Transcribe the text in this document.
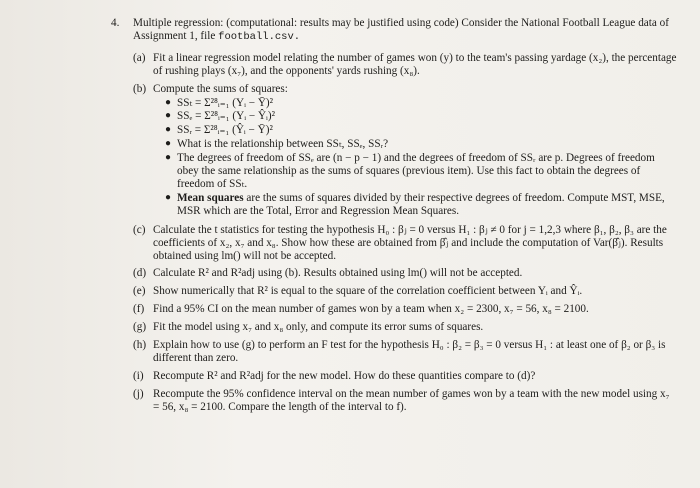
4. Multiple regression: (computational: results may be justified using code) Consider the National Football League data of Assignment 1, file football.csv.
(a) Fit a linear regression model relating the number of games won (y) to the team's passing yardage (x₂), the percentage of rushing plays (x₇), and the opponents' yards rushing (x₈).
(b) Compute the sums of squares:
● SSₜ = Σ²⁸ᵢ₌₁ (Yᵢ − Ȳ)²
● SSₑ = Σ²⁸ᵢ₌₁ (Yᵢ − Ŷᵢ)²
● SSᵣ = Σ²⁸ᵢ₌₁ (Ŷᵢ − Ȳ)²
● What is the relationship between SSₜ, SSₑ, SSᵣ?
● The degrees of freedom of SSₑ are (n − p − 1) and the degrees of freedom of SSᵣ are p. Degrees of freedom obey the same relationship as the sums of squares (previous item). Use this fact to obtain the degrees of freedom of SSₜ.
● Mean squares are the sums of squares divided by their respective degrees of freedom. Compute MST, MSE, MSR which are the Total, Error and Regression Mean Squares.
(c) Calculate the t statistics for testing the hypothesis H₀ : βⱼ = 0 versus H₁ : βⱼ ≠ 0 for j = 1,2,3 where β₁, β₂, β₃ are the coefficients of x₂, x₇ and x₈. Show how these are obtained from β̂ⱼ and include the computation of Var(β̂ⱼ). Results obtained using lm() will not be accepted.
(d) Calculate R² and R²adj using (b). Results obtained using lm() will not be accepted.
(e) Show numerically that R² is equal to the square of the correlation coefficient between Yᵢ and Ŷᵢ.
(f) Find a 95% CI on the mean number of games won by a team when x₂ = 2300, x₇ = 56, x₈ = 2100.
(g) Fit the model using x₇ and x₈ only, and compute its error sums of squares.
(h) Explain how to use (g) to perform an F test for the hypothesis H₀ : β₂ = β₃ = 0 versus H₁ : at least one of β₂ or β₃ is different than zero.
(i) Recompute R² and R²adj for the new model. How do these quantities compare to (d)?
(j) Recompute the 95% confidence interval on the mean number of games won by a team with the new model using x₇ = 56, x₈ = 2100. Compare the length of the interval to f).
